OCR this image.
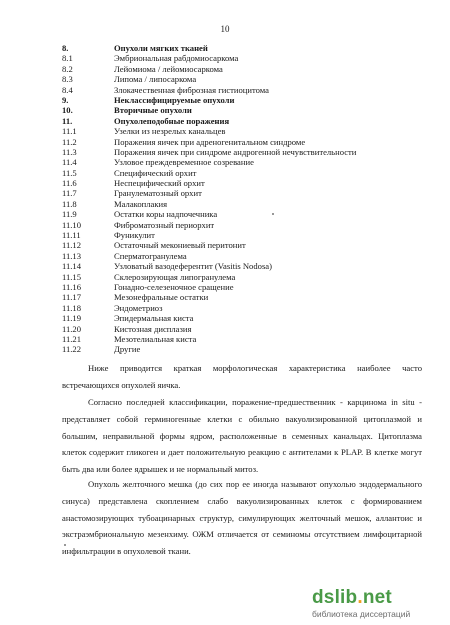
10
8.	Опухоли мягких тканей
8.1	Эмбриональная рабдомиосаркома
8.2	Лейомиома / лейомиосаркома
8.3	Липома / липосаркома
8.4	Злокачественная фиброзная гистиоцитома
9.	Неклассифицируемые опухоли
10.	Вторичные опухоли
11.	Опухолеподобные поражения
11.1	Узелки из незрелых канальцев
11.2	Поражения яичек при адреногенитальном синдроме
11.3	Поражения яичек при синдроме андрогенной нечувствительности
11.4	Узловое преждевременное созревание
11.5	Специфический орхит
11.6	Неспецифический орхит
11.7	Гранулематозный орхит
11.8	Малакоплакия
11.9	Остатки коры надпочечника
11.10	Фиброматозный периорхит
11.11	Фуникулит
11.12	Остаточный мекониевый перитонит
11.13	Сперматогранулема
11.14	Узловатый вазодеферентит (Vasitis Nodosa)
11.15	Склерозирующая липогранулема
11.16	Гонадно-селезеночное сращение
11.17	Мезонефральные остатки
11.18	Эндометриоз
11.19	Эпидермальная киста
11.20	Кистозная дисплазия
11.21	Мезотелиальная киста
11.22	Другие

Ниже приводится краткая морфологическая характеристика наиболее часто встречающихся опухолей яичка.

Согласно последней классификации, поражение-предшественник - карцинома in situ - представляет собой герминогенные клетки с обильно вакуолизированной цитоплазмой и большим, неправильной формы ядром, расположенные в семенных канальцах. Цитоплазма клеток содержит гликоген и дает положительную реакцию с антителами к PLAP. В клетке могут быть два или более ядрышек и не нормальный митоз.

Опухоль желточного мешка (до сих пор ее иногда называют опухолью эндодермального синуса) представлена скоплением слабо вакуолизированных клеток с формированием анастомозирующих тубоацинарных структур, симулирующих желточный мешок, аллантоис и экстраэмбриональную мезенхиму. ОЖМ отличается от семиномы отсутствием лимфоцитарной инфильтрации в опухолевой ткани.

dslib.net
библиотека диссертаций
